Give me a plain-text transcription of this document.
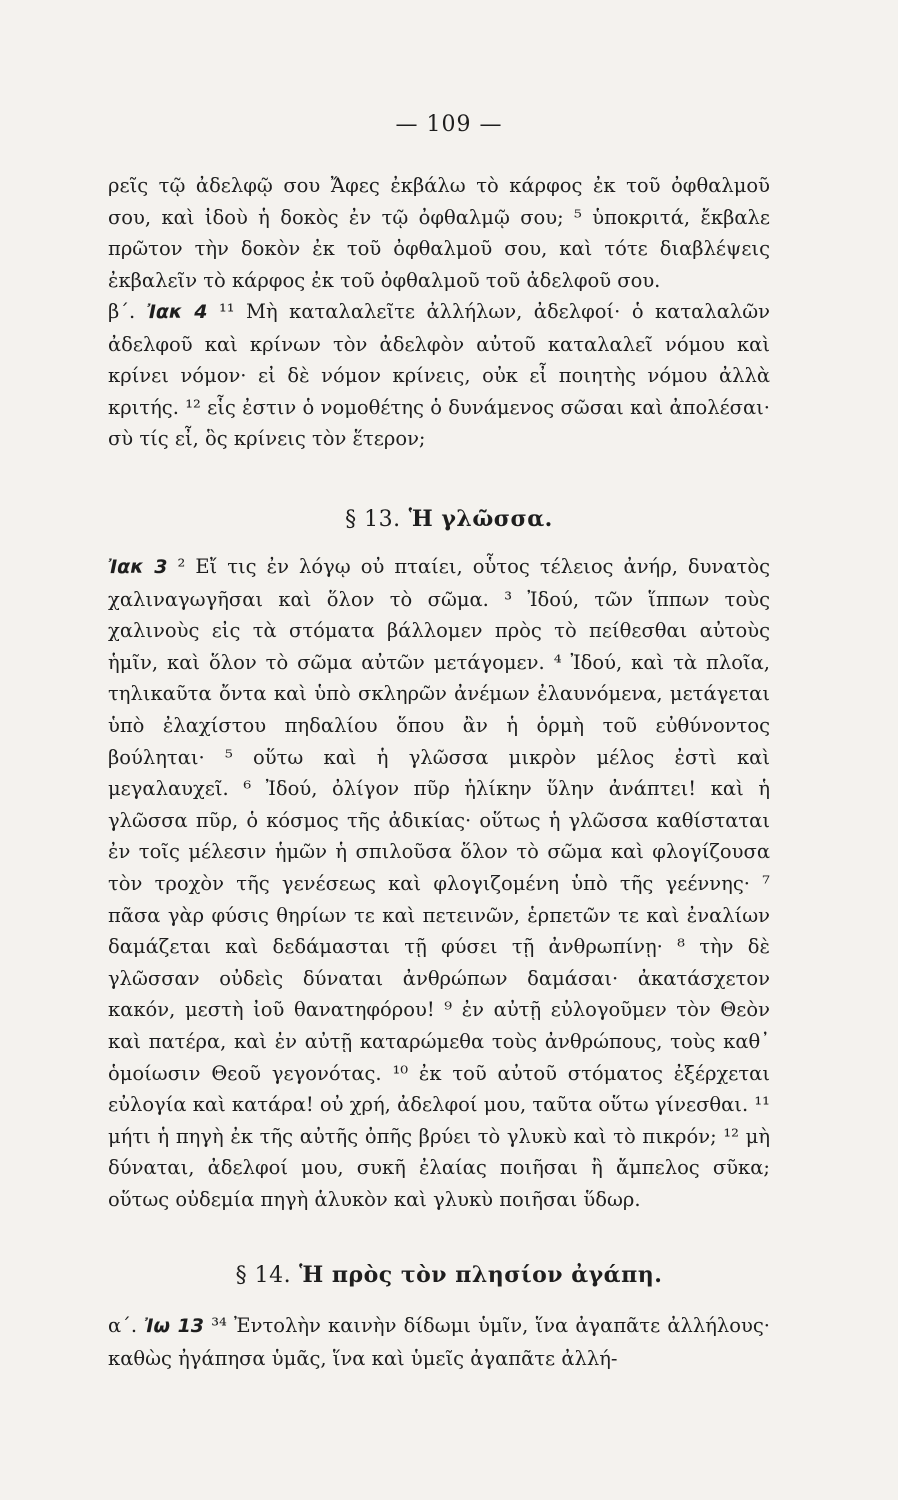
— 109 —

ρεῖς τῷ ἀδελφῷ σου Ἄφες ἐκβάλω τὸ κάρφος ἐκ τοῦ ὀφθαλμοῦ σου, καὶ ἰδοὺ ἡ δοκὸς ἐν τῷ ὀφθαλμῷ σου; ⁵ ὑποκριτά, ἔκβαλε πρῶτον τὴν δοκὸν ἐκ τοῦ ὀφθαλμοῦ σου, καὶ τότε διαβλέψεις ἐκβαλεῖν τὸ κάρφος ἐκ τοῦ ὀφθαλμοῦ τοῦ ἀδελφοῦ σου.

β΄. Ἰακ 4 ¹¹ Μὴ καταλαλεῖτε ἀλλήλων, ἀδελφοί· ὁ καταλαλῶν ἀδελφοῦ καὶ κρίνων τὸν ἀδελφὸν αὐτοῦ καταλαλεῖ νόμου καὶ κρίνει νόμον· εἰ δὲ νόμον κρίνεις, οὐκ εἶ ποιητὴς νόμου ἀλλὰ κριτής. ¹² εἷς ἐστιν ὁ νομοθέτης ὁ δυνάμενος σῶσαι καὶ ἀπολέσαι· σὺ τίς εἶ, ὃς κρίνεις τὸν ἕτερον;

§ 13. Ἡ γλῶσσα.

Ἰακ 3 ² Εἴ τις ἐν λόγῳ οὐ πταίει, οὗτος τέλειος ἀνήρ, δυνατὸς χαλιναγωγῆσαι καὶ ὅλον τὸ σῶμα. ³ Ἰδού, τῶν ἵππων τοὺς χαλινοὺς εἰς τὰ στόματα βάλλομεν πρὸς τὸ πείθεσθαι αὐτοὺς ἡμῖν, καὶ ὅλον τὸ σῶμα αὐτῶν μετάγομεν. ⁴ Ἰδού, καὶ τὰ πλοῖα, τηλικαῦτα ὄντα καὶ ὑπὸ σκληρῶν ἀνέμων ἐλαυνόμενα, μετάγεται ὑπὸ ἐλαχίστου πηδαλίου ὅπου ἂν ἡ ὁρμὴ τοῦ εὐθύνοντος βούληται· ⁵ οὕτω καὶ ἡ γλῶσσα μικρὸν μέλος ἐστὶ καὶ μεγαλαυχεῖ. ⁶ Ἰδού, ὀλίγον πῦρ ἡλίκην ὕλην ἀνάπτει! καὶ ἡ γλῶσσα πῦρ, ὁ κόσμος τῆς ἀδικίας· οὕτως ἡ γλῶσσα καθίσταται ἐν τοῖς μέλεσιν ἡμῶν ἡ σπιλοῦσα ὅλον τὸ σῶμα καὶ φλογίζουσα τὸν τροχὸν τῆς γενέσεως καὶ φλογιζομένη ὑπὸ τῆς γεέννης· ⁷ πᾶσα γὰρ φύσις θηρίων τε καὶ πετεινῶν, ἑρπετῶν τε καὶ ἐναλίων δαμάζεται καὶ δεδάμασται τῇ φύσει τῇ ἀνθρωπίνῃ· ⁸ τὴν δὲ γλῶσσαν οὐδεὶς δύναται ἀνθρώπων δαμάσαι· ἀκατάσχετον κακόν, μεστὴ ἰοῦ θανατηφόρου! ⁹ ἐν αὐτῇ εὐλογοῦμεν τὸν Θεὸν καὶ πατέρα, καὶ ἐν αὐτῇ καταρώμεθα τοὺς ἀνθρώπους, τοὺς καθ᾿ ὁμοίωσιν Θεοῦ γεγονότας. ¹⁰ ἐκ τοῦ αὐτοῦ στόματος ἐξέρχεται εὐλογία καὶ κατάρα! οὐ χρή, ἀδελφοί μου, ταῦτα οὕτω γίνεσθαι. ¹¹ μήτι ἡ πηγὴ ἐκ τῆς αὐτῆς ὀπῆς βρύει τὸ γλυκὺ καὶ τὸ πικρόν; ¹² μὴ δύναται, ἀδελφοί μου, συκῆ ἐλαίας ποιῆσαι ἢ ἄμπελος σῦκα; οὕτως οὐδεμία πηγὴ ἁλυκὸν καὶ γλυκὺ ποιῆσαι ὕδωρ.

§ 14. Ἡ πρὸς τὸν πλησίον ἀγάπη.

α΄. Ἰω 13 ³⁴ Ἐντολὴν καινὴν δίδωμι ὑμῖν, ἵνα ἀγαπᾶτε ἀλλήλους· καθὼς ἠγάπησα ὑμᾶς, ἵνα καὶ ὑμεῖς ἀγαπᾶτε ἀλλή-
